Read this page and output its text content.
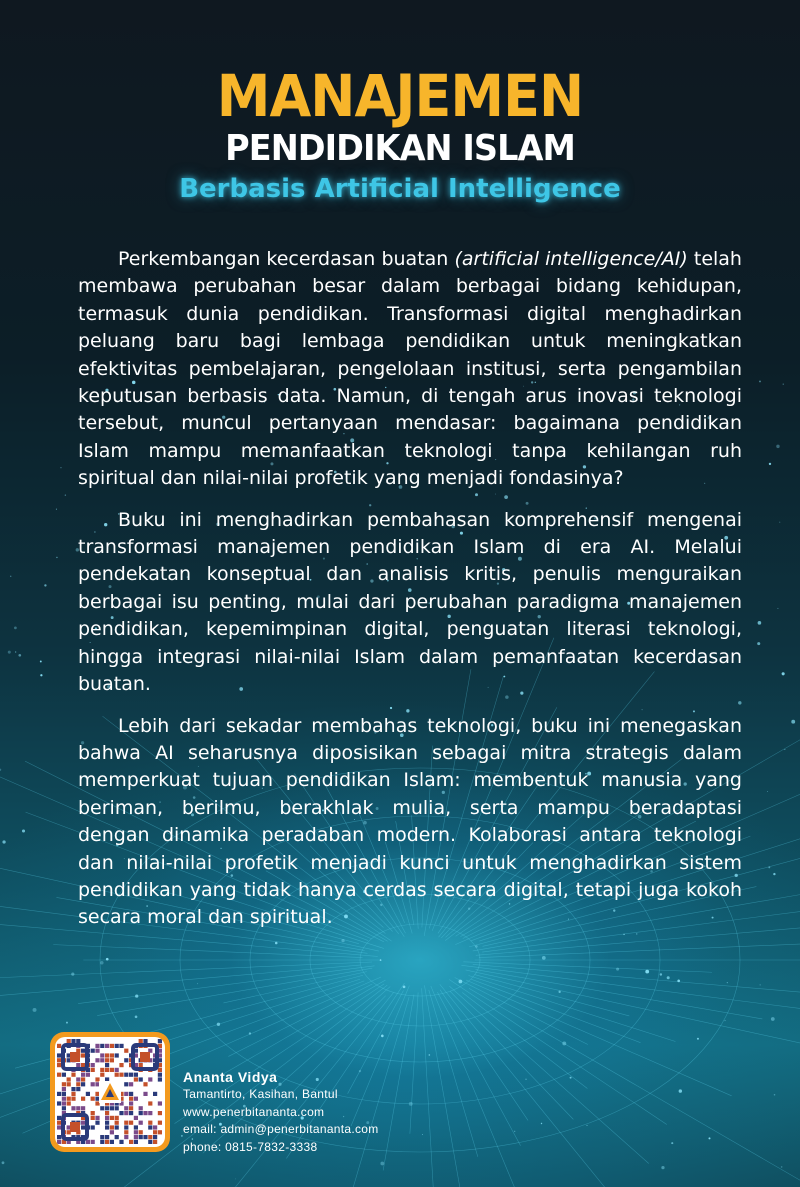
MANAJEMEN
PENDIDIKAN ISLAM
Berbasis Artificial Intelligence

Perkembangan kecerdasan buatan (artificial intelligence/AI) telah membawa perubahan besar dalam berbagai bidang kehidupan, termasuk dunia pendidikan. Transformasi digital menghadirkan peluang baru bagi lembaga pendidikan untuk meningkatkan efektivitas pembelajaran, pengelolaan institusi, serta pengambilan keputusan berbasis data. Namun, di tengah arus inovasi teknologi tersebut, muncul pertanyaan mendasar: bagaimana pendidikan Islam mampu memanfaatkan teknologi tanpa kehilangan ruh spiritual dan nilai-nilai profetik yang menjadi fondasinya?

Buku ini menghadirkan pembahasan komprehensif mengenai transformasi manajemen pendidikan Islam di era AI. Melalui pendekatan konseptual dan analisis kritis, penulis menguraikan berbagai isu penting, mulai dari perubahan paradigma manajemen pendidikan, kepemimpinan digital, penguatan literasi teknologi, hingga integrasi nilai-nilai Islam dalam pemanfaatan kecerdasan buatan.

Lebih dari sekadar membahas teknologi, buku ini menegaskan bahwa AI seharusnya diposisikan sebagai mitra strategis dalam memperkuat tujuan pendidikan Islam: membentuk manusia yang beriman, berilmu, berakhlak mulia, serta mampu beradaptasi dengan dinamika peradaban modern. Kolaborasi antara teknologi dan nilai-nilai profetik menjadi kunci untuk menghadirkan sistem pendidikan yang tidak hanya cerdas secara digital, tetapi juga kokoh secara moral dan spiritual.

Ananta Vidya
Tamantirto, Kasihan, Bantul
www.penerbitananta.com
email: admin@penerbitananta.com
phone: 0815-7832-3338
